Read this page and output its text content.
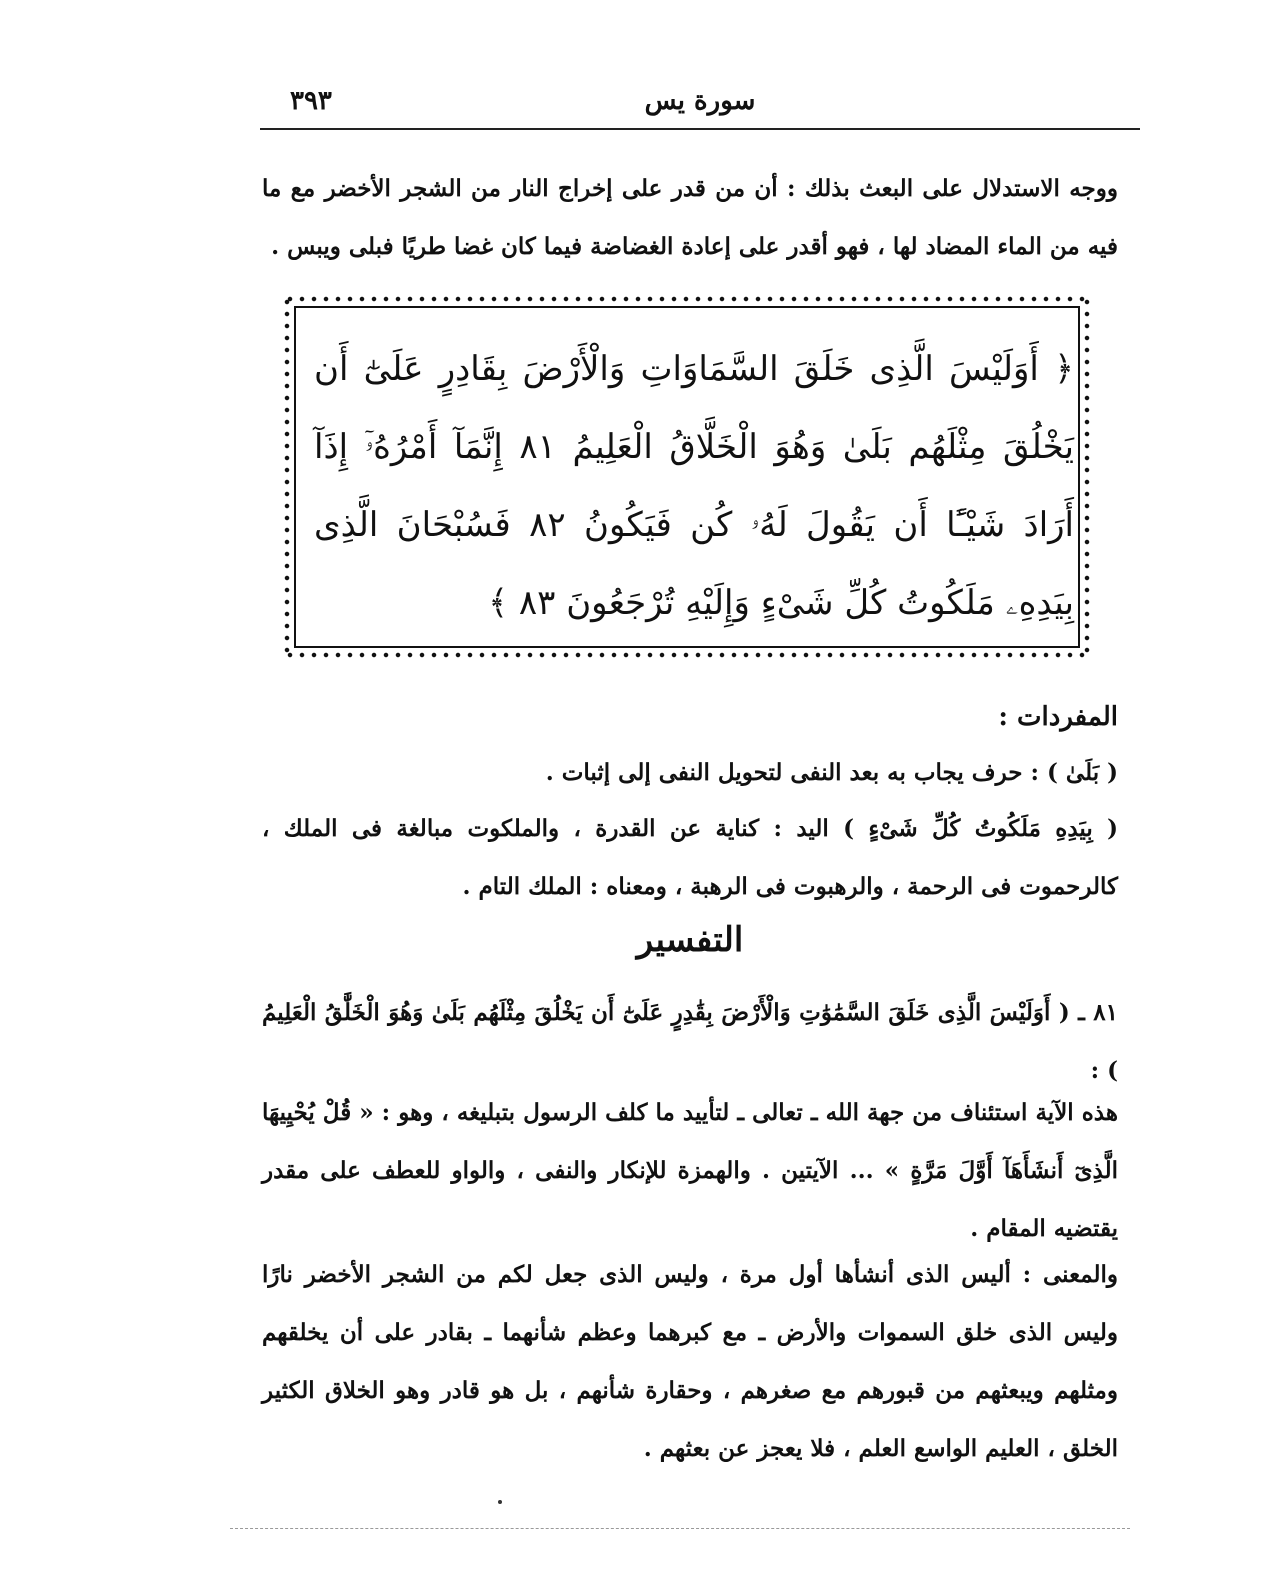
سورة يس
٣٩٣
ووجه الاستدلال على البعث بذلك : أن من قدر على إخراج النار من الشجر الأخضر مع ما فيه من الماء المضاد لها ، فهو أقدر على إعادة الغضاضة فيما كان غضا طريًا فبلى ويبس .
﴿ أَوَلَيْسَ الَّذِى خَلَقَ السَّمَاوَاتِ وَالْأَرْضَ بِقَادِرٍ عَلَىٰٓ أَن يَخْلُقَ مِثْلَهُم بَلَىٰ وَهُوَ الْخَلَّاقُ الْعَلِيمُ ٨١ إِنَّمَآ أَمْرُهُۥٓ إِذَآ أَرَادَ شَيْـًٔا أَن يَقُولَ لَهُۥ كُن فَيَكُونُ ٨٢ فَسُبْحَانَ الَّذِى بِيَدِهِۦ مَلَكُوتُ كُلِّ شَىْءٍ وَإِلَيْهِ تُرْجَعُونَ ٨٣ ﴾
المفردات :
( بَلَىٰ ) : حرف يجاب به بعد النفى لتحويل النفى إلى إثبات .
( بِيَدِهِ مَلَكُوتُ كُلِّ شَىْءٍ ) اليد : كناية عن القدرة ، والملكوت مبالغة فى الملك ، كالرحموت فى الرحمة ، والرهبوت فى الرهبة ، ومعناه : الملك التام .
التفسير
٨١ ـ ( أَوَلَيْسَ الَّذِى خَلَقَ السَّمَٰوَٰتِ وَالْأَرْضَ بِقَٰدِرٍ عَلَىٰٓ أَن يَخْلُقَ مِثْلَهُم بَلَىٰ وَهُوَ الْخَلَّٰقُ الْعَلِيمُ ) :
هذه الآية استئناف من جهة الله ـ تعالى ـ لتأييد ما كلف الرسول بتبليغه ، وهو : « قُلْ يُحْيِيهَا الَّذِىٓ أَنشَأَهَآ أَوَّلَ مَرَّةٍ » ... الآيتين . والهمزة للإنكار والنفى ، والواو للعطف على مقدر يقتضيه المقام .
والمعنى : أليس الذى أنشأها أول مرة ، وليس الذى جعل لكم من الشجر الأخضر نارًا وليس الذى خلق السموات والأرض ـ مع كبرهما وعظم شأنهما ـ بقادر على أن يخلقهم ومثلهم ويبعثهم من قبورهم مع صغرهم ، وحقارة شأنهم ، بل هو قادر وهو الخلاق الكثير الخلق ، العليم الواسع العلم ، فلا يعجز عن بعثهم .
